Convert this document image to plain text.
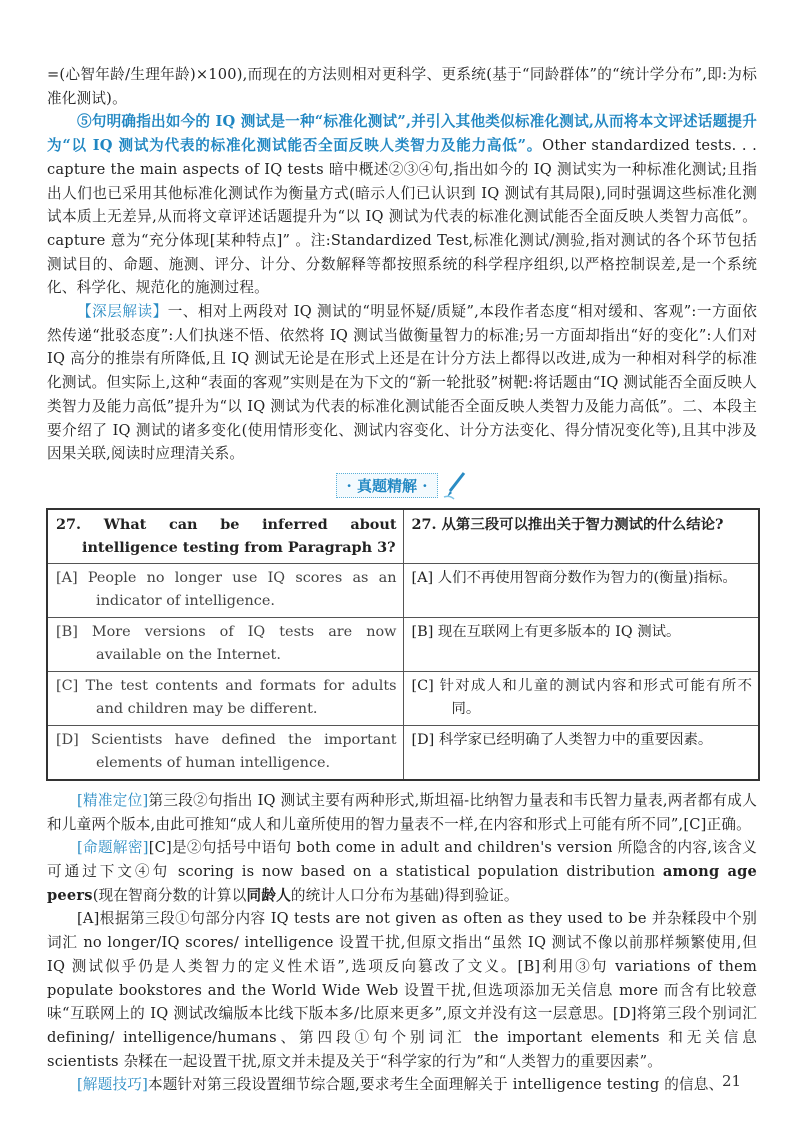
=(心智年龄/生理年龄)×100),而现在的方法则相对更科学、更系统(基于“同龄群体”的“统计学分布”,即:为标准化测试)。

⑤句明确指出如今的 IQ 测试是一种“标准化测试”,并引入其他类似标准化测试,从而将本文评述话题提升为“以 IQ 测试为代表的标准化测试能否全面反映人类智力及能力高低”。Other standardized tests. . . capture the main aspects of IQ tests 暗中概述②③④句,指出如今的 IQ 测试实为一种标准化测试;且指出人们也已采用其他标准化测试作为衡量方式(暗示人们已认识到 IQ 测试有其局限),同时强调这些标准化测试本质上无差异,从而将文章评述话题提升为“以 IQ 测试为代表的标准化测试能否全面反映人类智力高低”。capture 意为“充分体现[某种特点]” 。注:Standardized Test,标准化测试/测验,指对测试的各个环节包括测试目的、命题、施测、评分、计分、分数解释等都按照系统的科学程序组织,以严格控制误差,是一个系统化、科学化、规范化的施测过程。

【深层解读】一、相对上两段对 IQ 测试的“明显怀疑/质疑”,本段作者态度“相对缓和、客观”:一方面依然传递“批驳态度”:人们执迷不悟、依然将 IQ 测试当做衡量智力的标准;另一方面却指出“好的变化”:人们对 IQ 高分的推崇有所降低,且 IQ 测试无论是在形式上还是在计分方法上都得以改进,成为一种相对科学的标准化测试。但实际上,这种“表面的客观”实则是在为下文的“新一轮批驳”树靶:将话题由“IQ 测试能否全面反映人类智力及能力高低”提升为“以 IQ 测试为代表的标准化测试能否全面反映人类智力及能力高低”。二、本段主要介绍了 IQ 测试的诸多变化(使用情形变化、测试内容变化、计分方法变化、得分情况变化等),且其中涉及因果关联,阅读时应理清关系。

· 真题精解 ·
27. What can be inferred about intelligence testing from Paragraph 3?	27. 从第三段可以推出关于智力测试的什么结论?

[A] People no longer use IQ scores as an indicator of intelligence.	[A] 人们不再使用智商分数作为智力的(衡量)指标。

[B] More versions of IQ tests are now available on the Internet.	[B] 现在互联网上有更多版本的 IQ 测试。

[C] The test contents and formats for adults and children may be different.	[C] 针对成人和儿童的测试内容和形式可能有所不同。

[D] Scientists have defined the important elements of human intelligence.	[D] 科学家已经明确了人类智力中的重要因素。

[精准定位]第三段②句指出 IQ 测试主要有两种形式,斯坦福-比纳智力量表和韦氏智力量表,两者都有成人和儿童两个版本,由此可推知“成人和儿童所使用的智力量表不一样,在内容和形式上可能有所不同”,[C]正确。

[命题解密][C]是②句括号中语句 both come in adult and children's version 所隐含的内容,该含义可通过下文④句 scoring is now based on a statistical population distribution among age peers(现在智商分数的计算以同龄人的统计人口分布为基础)得到验证。

[A]根据第三段①句部分内容 IQ tests are not given as often as they used to be 并杂糅段中个别词汇 no longer/IQ scores/ intelligence 设置干扰,但原文指出“虽然 IQ 测试不像以前那样频繁使用,但 IQ 测试似乎仍是人类智力的定义性术语”,选项反向篡改了文义。[B]利用③句 variations of them populate bookstores and the World Wide Web 设置干扰,但选项添加无关信息 more 而含有比较意味“互联网上的 IQ 测试改编版本比线下版本多/比原来更多”,原文并没有这一层意思。[D]将第三段个别词汇 defining/ intelligence/humans、第四段①句个别词汇 the important elements 和无关信息 scientists 杂糅在一起设置干扰,原文并未提及关于“科学家的行为”和“人类智力的重要因素”。

[解题技巧]本题针对第三段设置细节综合题,要求考生全面理解关于 intelligence testing 的信息、

21
